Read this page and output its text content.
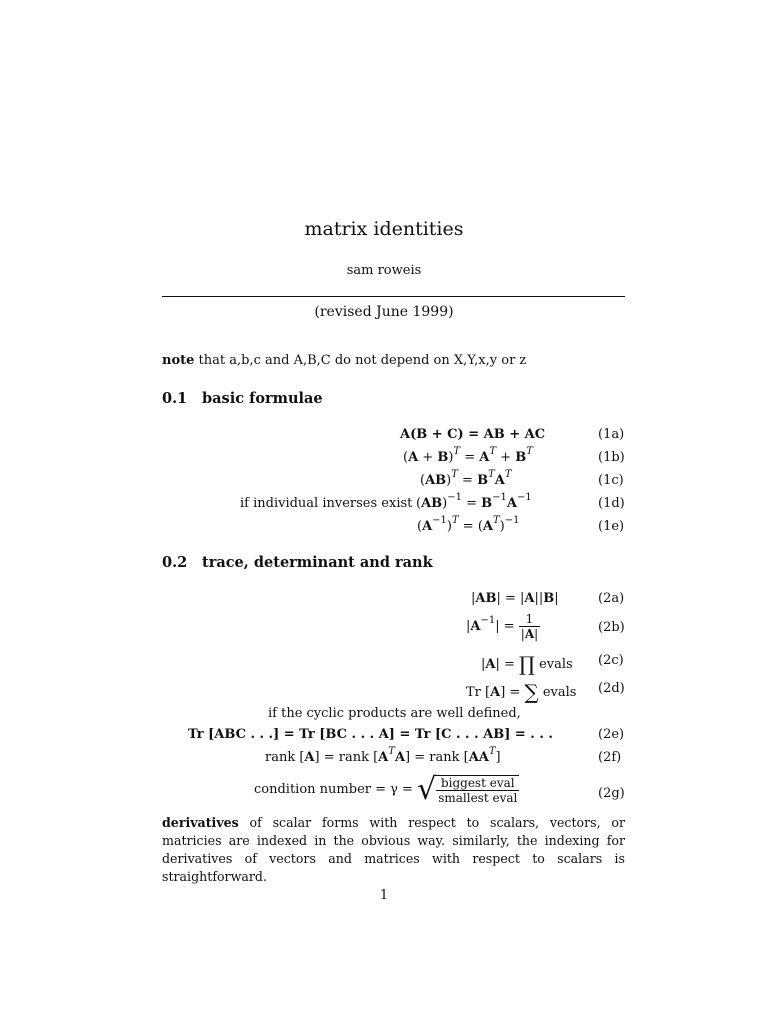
matrix identities
sam roweis
(revised June 1999)
note that a,b,c and A,B,C do not depend on X,Y,x,y or z
0.1 basic formulae
A(B + C) = AB + AC	(1a)
$(A + B)^T = A^T + B^T$	(1b)
$(AB)^T = B^TA^T$	(1c)
if individual inverses exist $(AB)^{-1} = B^{-1}A^{-1}$	(1d)
$(A^{-1})^T = (A^T)^{-1}$	(1e)
0.2 trace, determinant and rank
|AB| = |A||B|	(2a)
$|A^{-1}| = \frac{1}{|A|}$	(2b)
|A| = ∏ evals (2c)
Tr [A] = ∑ evals (2d)
if the cyclic products are well defined,
Tr [ABC . . .] = Tr [BC . . . A] = Tr [C . . . AB] = . . .	(2e)
rank [A] = rank $[A^TA]$ = rank $[AA^T]$	(2f)
condition number = γ = √ $\frac{\text{biggest eval}}{\text{smallest eval}}$	(2g)
derivatives of scalar forms with respect to scalars, vectors, or matricies are indexed in the obvious way. similarly, the indexing for derivatives of vectors and matrices with respect to scalars is straightforward.
1
